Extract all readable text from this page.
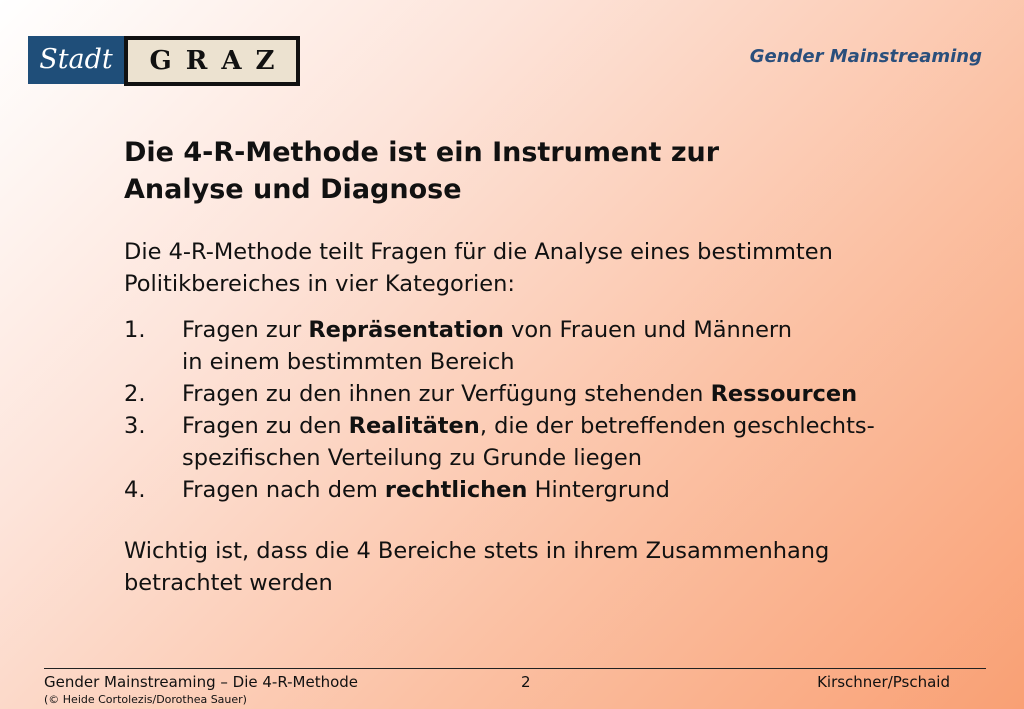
Stadt	GRAZ	Gender Mainstreaming
Die 4-R-Methode ist ein Instrument zur
Analyse und Diagnose
Die 4-R-Methode teilt Fragen für die Analyse eines bestimmten
Politikbereiches in vier Kategorien:
1.	Fragen zur Repräsentation von Frauen und Männern
in einem bestimmten Bereich
2.	Fragen zu den ihnen zur Verfügung stehenden Ressourcen
3.	Fragen zu den Realitäten, die der betreffenden geschlechts-
spezifischen Verteilung zu Grunde liegen
4.	Fragen nach dem rechtlichen Hintergrund
Wichtig ist, dass die 4 Bereiche stets in ihrem Zusammenhang
betrachtet werden
Gender Mainstreaming – Die 4-R-Methode
(© Heide Cortolezis/Dorothea Sauer)
2	Kirschner/Pschaid
